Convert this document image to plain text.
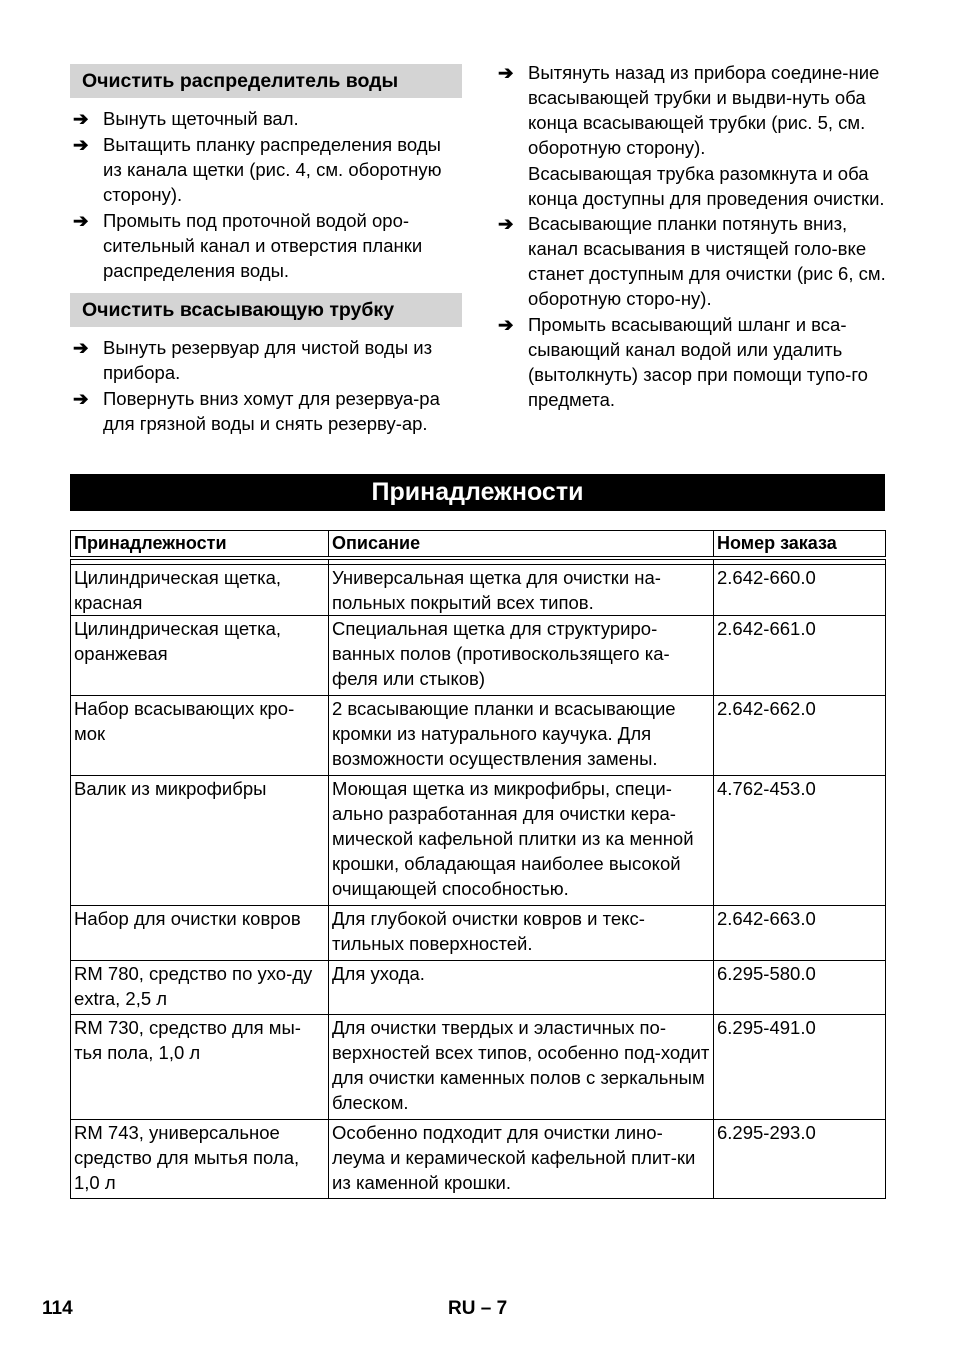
Очистить распределитель воды
➔ Вынуть щеточный вал.
➔ Вытащить планку распределения воды из канала щетки (рис. 4, см. оборотную сторону).
➔ Промыть под проточной водой оро-сительный канал и отверстия планки распределения воды.
Очистить всасывающую трубку
➔ Вынуть резервуар для чистой воды из прибора.
➔ Повернуть вниз хомут для резервуа-ра для грязной воды и снять резерву-ар.
➔ Вытянуть назад из прибора соедине-ние всасывающей трубки и выдви-нуть оба конца всасывающей трубки (рис. 5, см. оборотную сторону).
Всасывающая трубка разомкнута и оба конца доступны для проведения очистки.
➔ Всасывающие планки потянуть вниз, канал всасывания в чистящей голо-вке станет доступным для очистки (рис 6, см. оборотную сторо-ну).
➔ Промыть всасывающий шланг и вса-сывающий канал водой или удалить (вытолкнуть) засор при помощи тупо-го предмета.
Принадлежности
Принадлежности	Описание	Номер заказа

Цилиндрическая щетка, красная	Универсальная щетка для очистки на-польных покрытий всех типов.	2.642-660.0
Цилиндрическая щетка, оранжевая	Специальная щетка для структуриро-ванных полов (противоскользящего ка-феля или стыков)	2.642-661.0
Набор всасывающих кро-мок	2 всасывающие планки и всасывающие кромки из натурального каучука. Для возможности осуществления замены.	2.642-662.0
Валик из микрофибры	Моющая щетка из микрофибры, специ-ально разработанная для очистки кера-мической кафельной плитки из ка менной крошки, обладающая наиболее высокой очищающей способностью.	4.762-453.0
Набор для очистки ковров	Для глубокой очистки ковров и текс-тильных поверхностей.	2.642-663.0
RM 780, средство по ухо-ду extra, 2,5 л	Для ухода.	6.295-580.0
RM 730, средство для мы-тья пола, 1,0 л	Для очистки твердых и эластичных по-верхностей всех типов, особенно под-ходит для очистки каменных полов с зеркальным блеском.	6.295-491.0
RM 743, универсальное средство для мытья пола, 1,0 л	Особенно подходит для очистки лино-леума и керамической кафельной плит-ки из каменной крошки.	6.295-293.0
114	RU – 7
